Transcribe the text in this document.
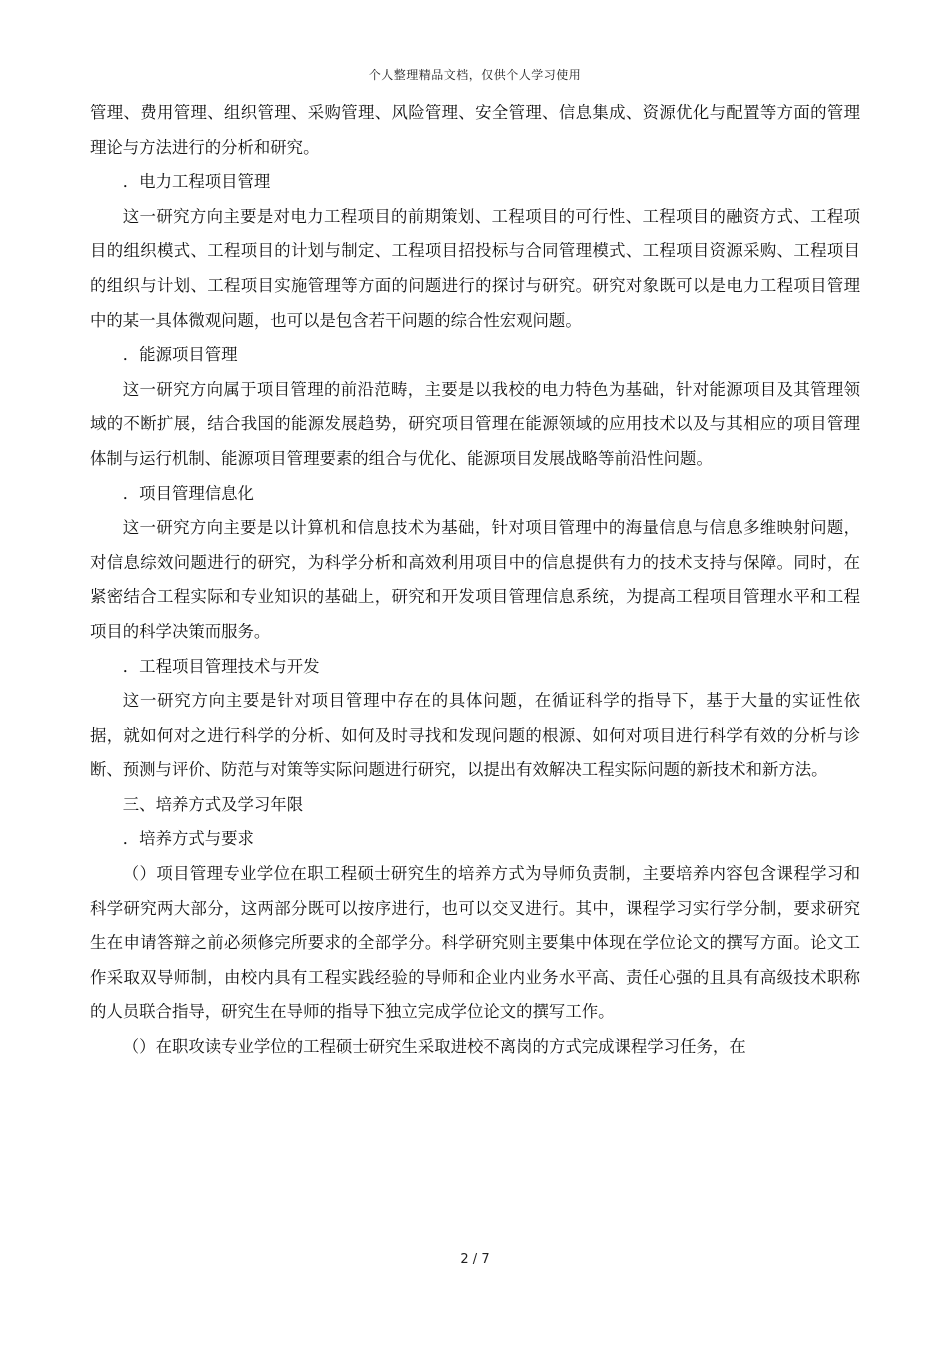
个人整理精品文档，仅供个人学习使用

管理、费用管理、组织管理、采购管理、风险管理、安全管理、信息集成、资源优化与配置等方面的管理理论与方法进行的分析和研究。

．电力工程项目管理

这一研究方向主要是对电力工程项目的前期策划、工程项目的可行性、工程项目的融资方式、工程项目的组织模式、工程项目的计划与制定、工程项目招投标与合同管理模式、工程项目资源采购、工程项目的组织与计划、工程项目实施管理等方面的问题进行的探讨与研究。研究对象既可以是电力工程项目管理中的某一具体微观问题，也可以是包含若干问题的综合性宏观问题。

．能源项目管理

这一研究方向属于项目管理的前沿范畴，主要是以我校的电力特色为基础，针对能源项目及其管理领域的不断扩展，结合我国的能源发展趋势，研究项目管理在能源领域的应用技术以及与其相应的项目管理体制与运行机制、能源项目管理要素的组合与优化、能源项目发展战略等前沿性问题。

．项目管理信息化

这一研究方向主要是以计算机和信息技术为基础，针对项目管理中的海量信息与信息多维映射问题，对信息综效问题进行的研究，为科学分析和高效利用项目中的信息提供有力的技术支持与保障。同时，在紧密结合工程实际和专业知识的基础上，研究和开发项目管理信息系统，为提高工程项目管理水平和工程项目的科学决策而服务。

．工程项目管理技术与开发

这一研究方向主要是针对项目管理中存在的具体问题，在循证科学的指导下，基于大量的实证性依据，就如何对之进行科学的分析、如何及时寻找和发现问题的根源、如何对项目进行科学有效的分析与诊断、预测与评价、防范与对策等实际问题进行研究，以提出有效解决工程实际问题的新技术和新方法。

三、培养方式及学习年限

．培养方式与要求

（）项目管理专业学位在职工程硕士研究生的培养方式为导师负责制，主要培养内容包含课程学习和科学研究两大部分，这两部分既可以按序进行，也可以交叉进行。其中，课程学习实行学分制，要求研究生在申请答辩之前必须修完所要求的全部学分。科学研究则主要集中体现在学位论文的撰写方面。论文工作采取双导师制，由校内具有工程实践经验的导师和企业内业务水平高、责任心强的且具有高级技术职称的人员联合指导，研究生在导师的指导下独立完成学位论文的撰写工作。

（）在职攻读专业学位的工程硕士研究生采取进校不离岗的方式完成课程学习任务，在

2 / 7
